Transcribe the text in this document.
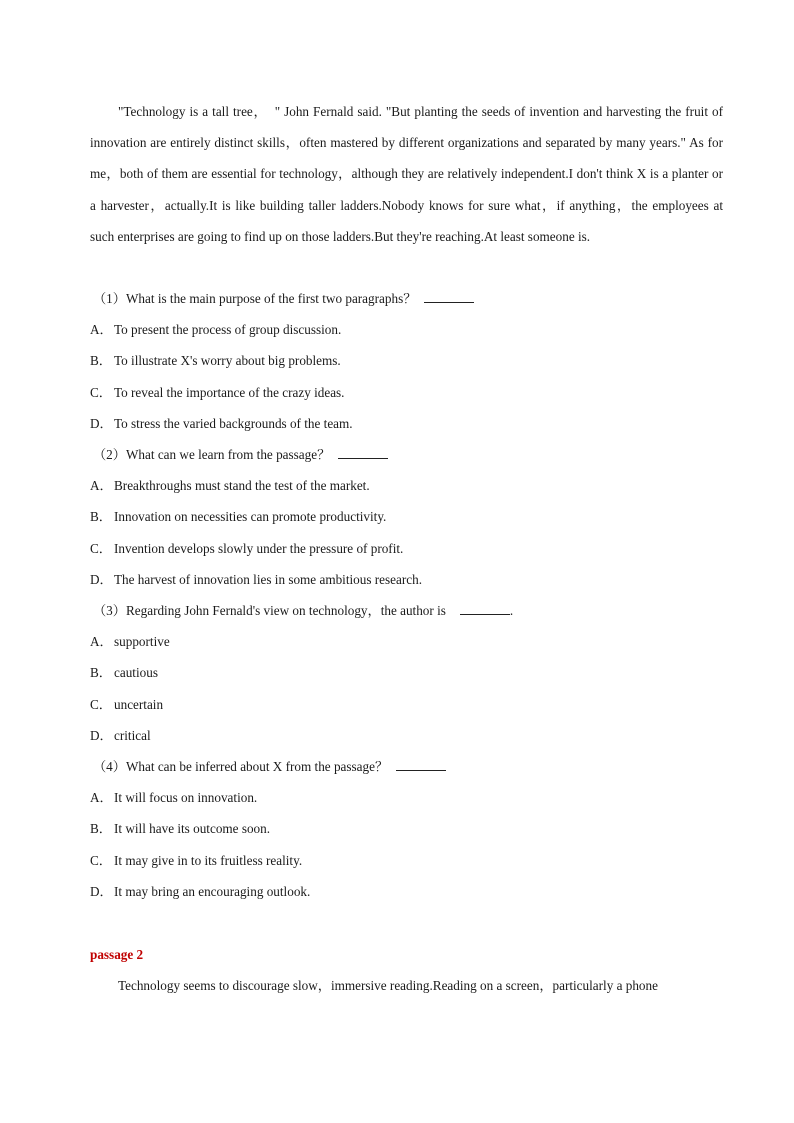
"Technology is a tall tree，　" John Fernald said. "But planting the seeds of invention and harvesting the fruit of innovation are entirely distinct skills，often mastered by different organizations and separated by many years." As for me，both of them are essential for technology，although they are relatively independent.I don't think X is a planter or a harvester，actually.It is like building taller ladders.Nobody knows for sure what，if anything，the employees at such enterprises are going to find up on those ladders.But they're reaching.At least someone is.

（1）What is the main purpose of the first two paragraphs？

A．To present the process of group discussion.

B． To illustrate X's worry about big problems.

C． To reveal the importance of the crazy ideas.

D．To stress the varied backgrounds of the team.

（2）What can we learn from the passage？

A．Breakthroughs must stand the test of the market.

B． Innovation on necessities can promote productivity.

C． Invention develops slowly under the pressure of profit.

D．The harvest of innovation lies in some ambitious research.

（3）Regarding John Fernald's view on technology，the author is	.

A．supportive

B． cautious

C． uncertain

D．critical

（4）What can be inferred about X from the passage？

A．It will focus on innovation.

B． It will have its outcome soon.

C． It may give in to its fruitless reality.

D．It may bring an encouraging outlook.

passage 2

Technology seems to discourage slow，immersive reading.Reading on a screen，particularly a phone
